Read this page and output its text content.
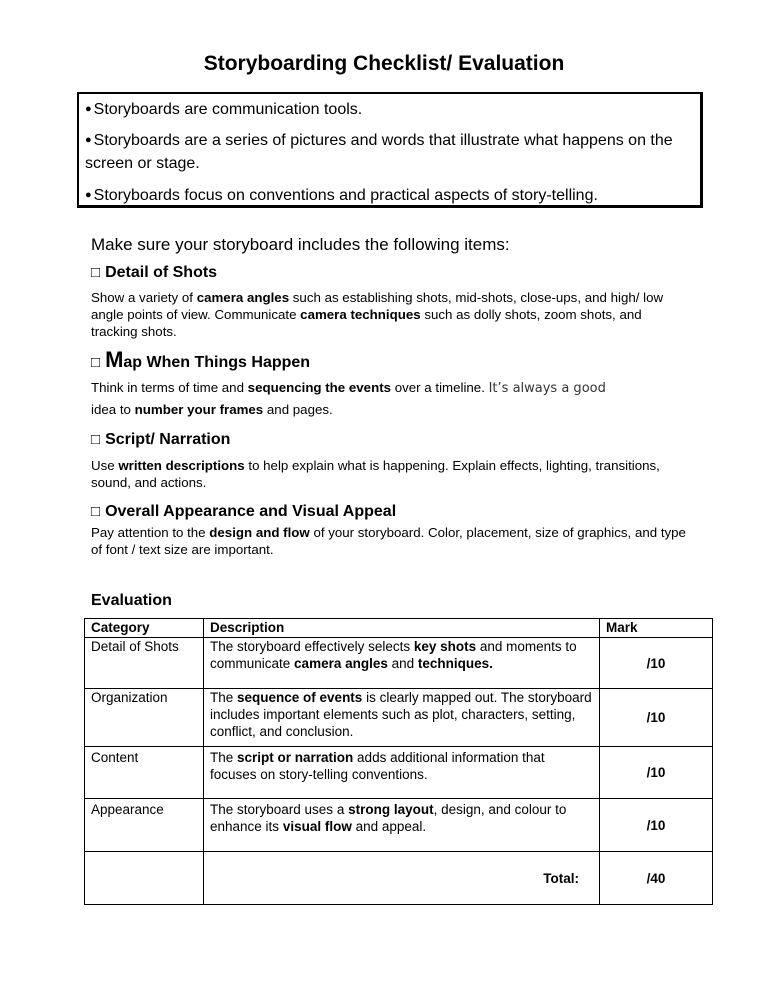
Storyboarding Checklist/ Evaluation

● Storyboards are communication tools.

● Storyboards are a series of pictures and words that illustrate what happens on the screen or stage.

● Storyboards focus on conventions and practical aspects of story-telling.

Make sure your storyboard includes the following items:

□ Detail of Shots

Show a variety of camera angles such as establishing shots, mid-shots, close-ups, and high/ low angle points of view. Communicate camera techniques such as dolly shots, zoom shots, and tracking shots.

□ Map When Things Happen

Think in terms of time and sequencing the events over a timeline. It’s always a good
idea to number your frames and pages.

□ Script/ Narration

Use written descriptions to help explain what is happening. Explain effects, lighting, transitions, sound, and actions.

□ Overall Appearance and Visual Appeal

Pay attention to the design and flow of your storyboard. Color, placement, size of graphics, and type of font / text size are important.

Evaluation

Category	Description	Mark
Detail of Shots	The storyboard effectively selects key shots and moments to communicate camera angles and techniques.	/10
Organization	The sequence of events is clearly mapped out. The storyboard includes important elements such as plot, characters, setting, conflict, and conclusion.	/10
Content	The script or narration adds additional information that focuses on story-telling conventions.	/10
Appearance	The storyboard uses a strong layout, design, and colour to enhance its visual flow and appeal.	/10
	Total:	/40
